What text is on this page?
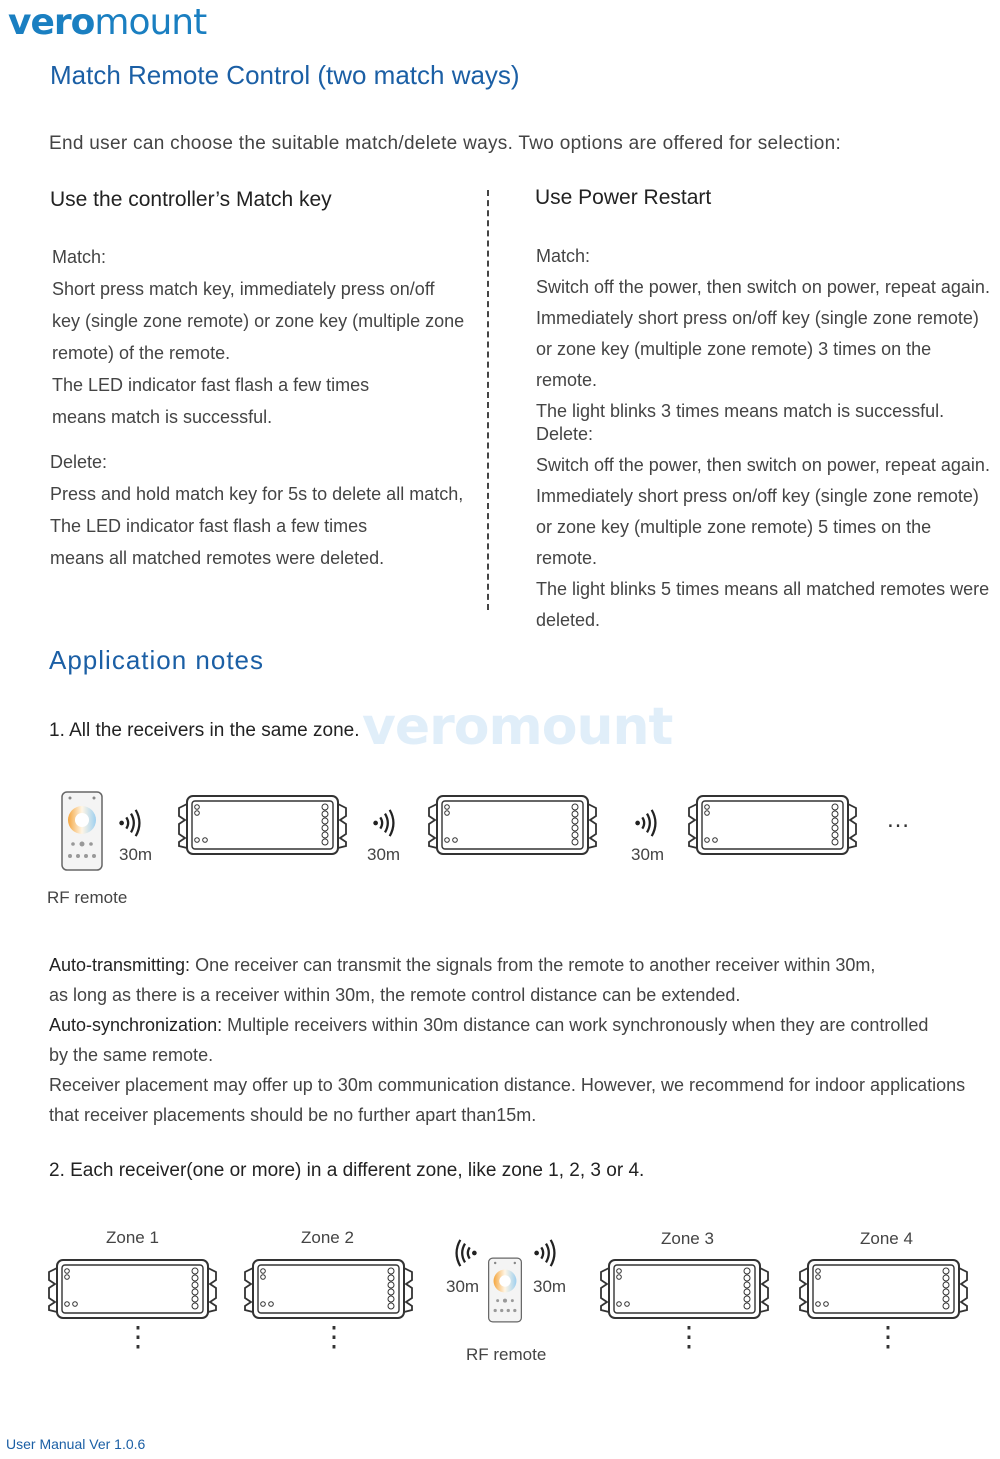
veromount
Match Remote Control (two match ways)
End user can choose the suitable match/delete ways. Two options are offered for selection:
Use the controller’s Match key	Use Power Restart
Match:
Short press match key, immediately press on/off
key (single zone remote) or zone key (multiple zone
remote) of the remote.
The LED indicator fast flash a few times
means match is successful.
Delete:
Press and hold match key for 5s to delete all match,
The LED indicator fast flash a few times
means all matched remotes were deleted.
Match:
Switch off the power, then switch on power, repeat again.
Immediately short press on/off key (single zone remote)
or zone key (multiple zone remote) 3 times on the remote.
The light blinks 3 times means match is successful.
Delete:
Switch off the power, then switch on power, repeat again.
Immediately short press on/off key (single zone remote)
or zone key (multiple zone remote) 5 times on the remote.
The light blinks 5 times means all matched remotes were
deleted.
Application notes
veromount
1. All the receivers in the same zone.
30m	30m	30m
…
RF remote
Auto-transmitting: One receiver can transmit the signals from the remote to another receiver within 30m,
as long as there is a receiver within 30m, the remote control distance can be extended.
Auto-synchronization: Multiple receivers within 30m distance can work synchronously when they are controlled
by the same remote.
Receiver placement may offer up to 30m communication distance. However, we recommend for indoor applications
that receiver placements should be no further apart than15m.
2. Each receiver(one or more) in a different zone, like zone 1, 2, 3 or 4.
Zone 1	Zone 2	Zone 3	Zone 4
30m	30m
RF remote
⋮	⋮	⋮	⋮
User Manual Ver 1.0.6
